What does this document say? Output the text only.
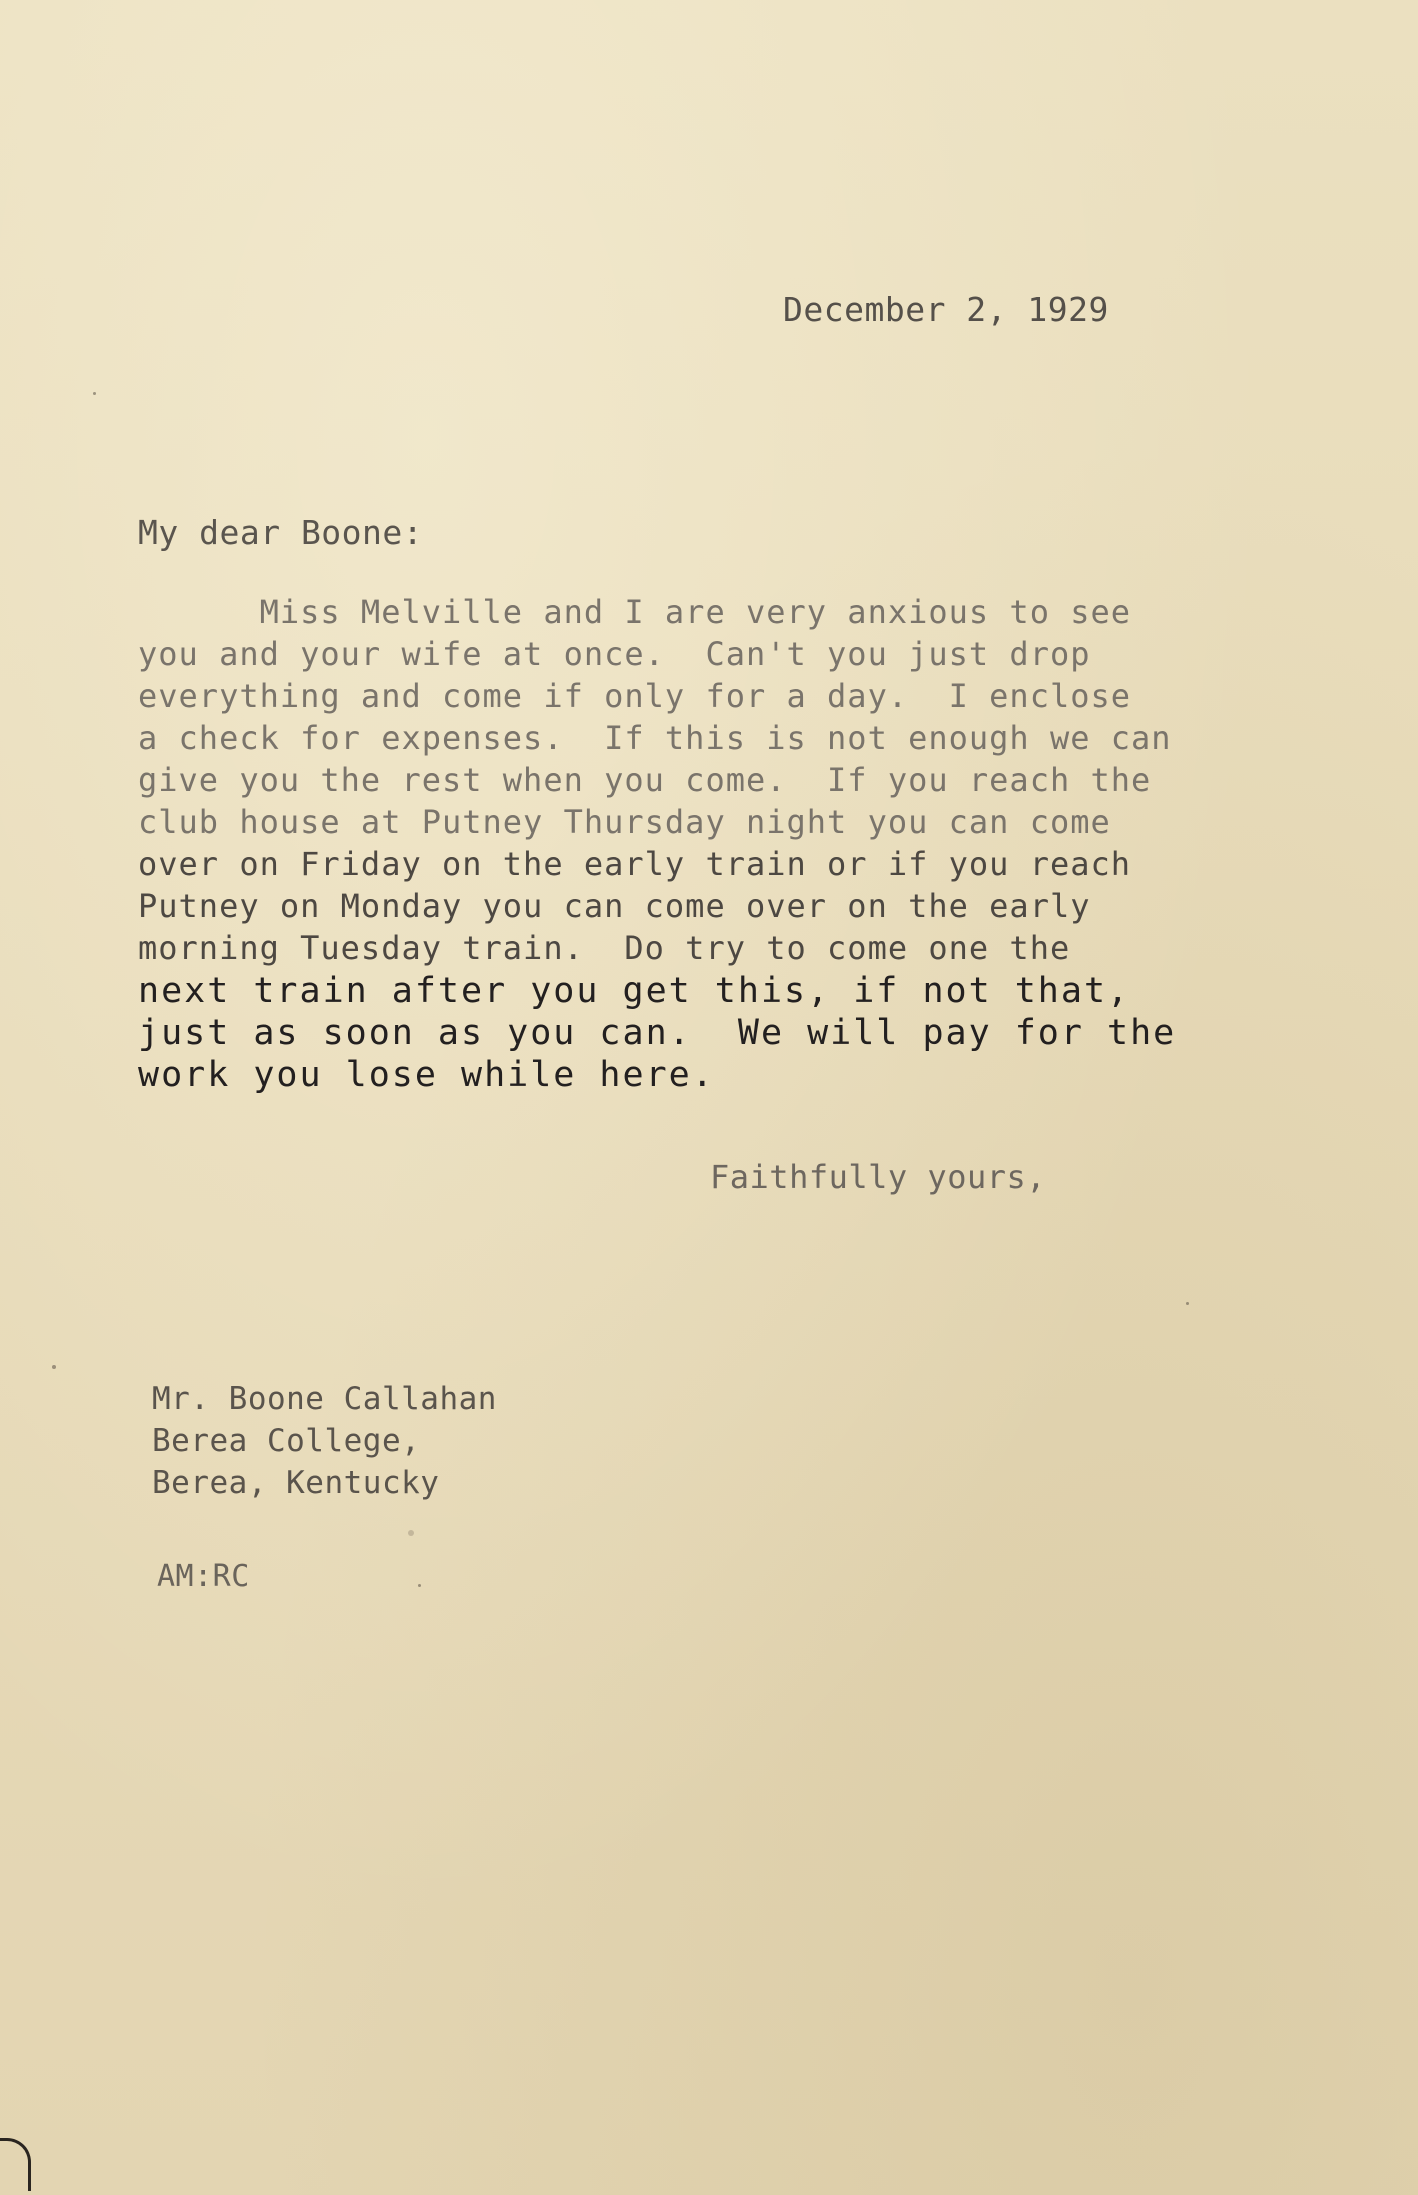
December 2, 1929
My dear Boone:
Miss Melville and I are very anxious to see
you and your wife at once.  Can't you just drop
everything and come if only for a day.  I enclose
a check for expenses.  If this is not enough we can
give you the rest when you come.  If you reach the
club house at Putney Thursday night you can come
over on Friday on the early train or if you reach
Putney on Monday you can come over on the early
morning Tuesday train.  Do try to come one the
next train after you get this, if not that,
just as soon as you can.  We will pay for the
work you lose while here.
Faithfully yours,
Mr. Boone Callahan
Berea College,
Berea, Kentucky
AM:RC
